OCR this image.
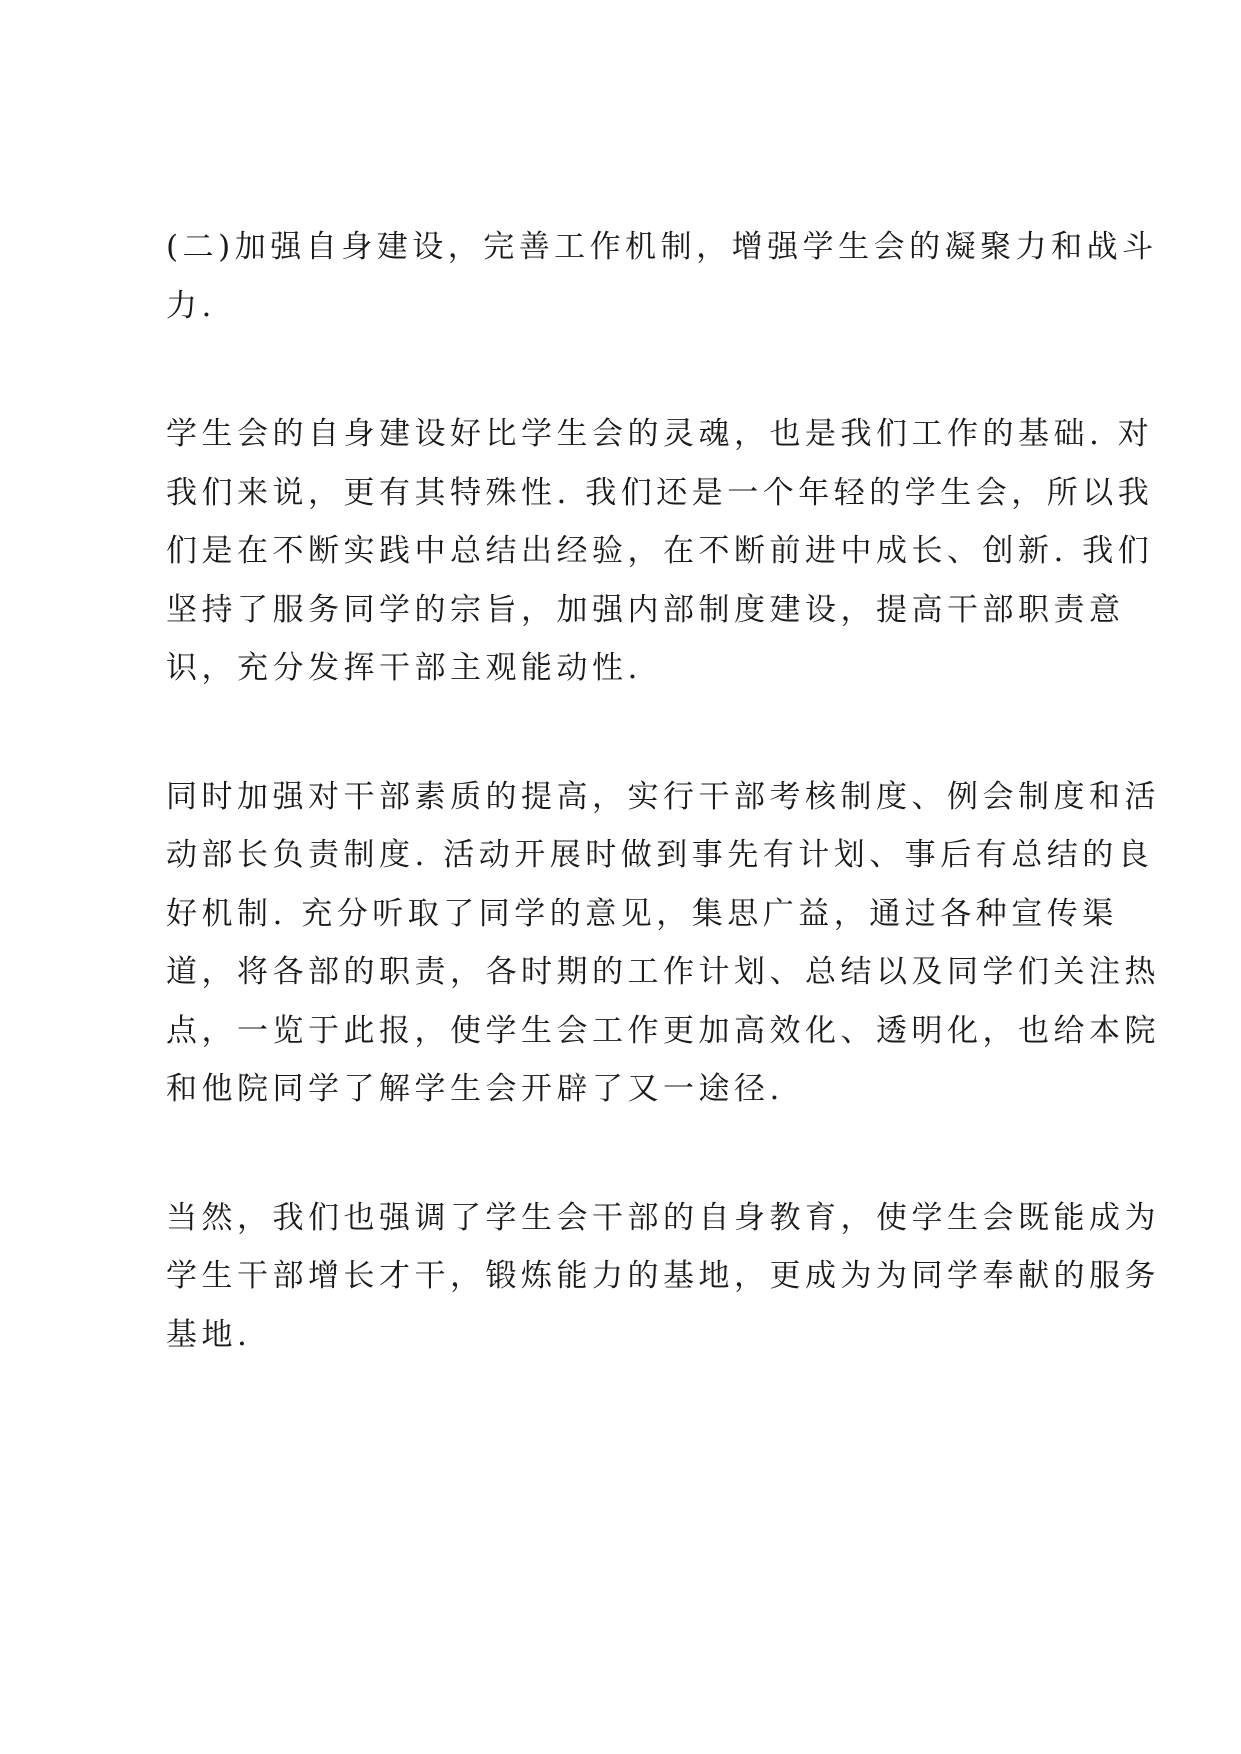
(二)加强自身建设，完善工作机制，增强学生会的凝聚力和战斗
力.

学生会的自身建设好比学生会的灵魂，也是我们工作的基础. 对
我们来说，更有其特殊性. 我们还是一个年轻的学生会，所以我
们是在不断实践中总结出经验，在不断前进中成长、创新. 我们
坚持了服务同学的宗旨，加强内部制度建设，提高干部职责意
识，充分发挥干部主观能动性.

同时加强对干部素质的提高，实行干部考核制度、例会制度和活
动部长负责制度. 活动开展时做到事先有计划、事后有总结的良
好机制. 充分听取了同学的意见，集思广益，通过各种宣传渠
道，将各部的职责，各时期的工作计划、总结以及同学们关注热
点，一览于此报，使学生会工作更加高效化、透明化，也给本院
和他院同学了解学生会开辟了又一途径.

当然，我们也强调了学生会干部的自身教育，使学生会既能成为
学生干部增长才干，锻炼能力的基地，更成为为同学奉献的服务
基地.
